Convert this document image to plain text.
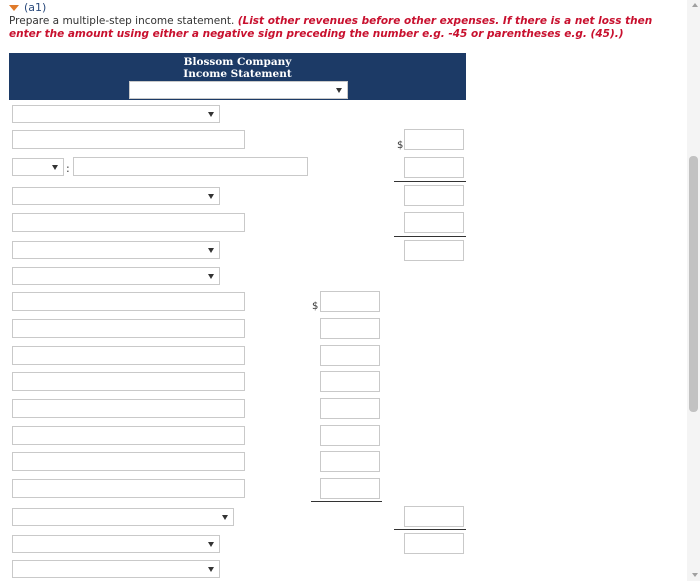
(a1)
Prepare a multiple-step income statement. (List other revenues before other expenses. If there is a net loss then enter the amount using either a negative sign preceding the number e.g. -45 or parentheses e.g. (45).)
Blossom Company
Income Statement
$
:
$
